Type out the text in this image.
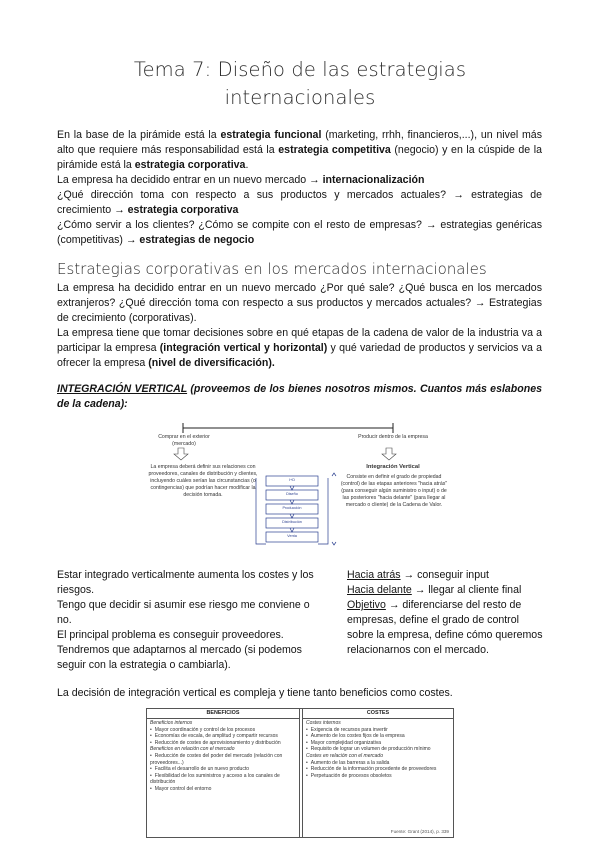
Tema 7: Diseño de las estrategias
internacionales

En la base de la pirámide está la estrategia funcional (marketing, rrhh, financieros,...), un nivel más alto que requiere más responsabilidad está la estrategia competitiva (negocio) y en la cúspide de la pirámide está la estrategia corporativa.

La empresa ha decidido entrar en un nuevo mercado → internacionalización

¿Qué dirección toma con respecto a sus productos y mercados actuales? → estrategias de crecimiento → estrategia corporativa

¿Cómo servir a los clientes? ¿Cómo se compite con el resto de empresas? → estrategias genéricas (competitivas) → estrategias de negocio

Estrategias corporativas en los mercados internacionales

La empresa ha decidido entrar en un nuevo mercado ¿Por qué sale? ¿Qué busca en los mercados extranjeros? ¿Qué dirección toma con respecto a sus productos y mercados actuales? → Estrategias de crecimiento (corporativas).

La empresa tiene que tomar decisiones sobre en qué etapas de la cadena de valor de la industria va a participar la empresa (integración vertical y horizontal) y qué variedad de productos y servicios va a ofrecer la empresa (nivel de diversificación).

INTEGRACIÓN VERTICAL (proveemos de los bienes nosotros mismos. Cuantos más eslabones de la cadena):
Comprar en el exterior (mercado)
Producir dentro de la empresa
La empresa deberá definir sus relaciones con proveedores, canales de distribución y clientes, incluyendo cuáles serían las circunstancias (o contingencias) que podrían hacer modificar la decisión tomada.
Integración Vertical
Consiste en definir el grado de propiedad (control) de las etapas anteriores "hacia atrás" (para conseguir algún suministro o input) o de las posteriores "hacia delante" (para llegar al mercado o cliente) de la Cadena de Valor.
I+D
Diseño
Producción
Distribución
Venta

Estar integrado verticalmente aumenta los costes y los riesgos.

Tengo que decidir si asumir ese riesgo me conviene o no.

El principal problema es conseguir proveedores.

Tendremos que adaptarnos al mercado (si podemos seguir con la estrategia o cambiarla).

Hacia atrás → conseguir input

Hacia delante → llegar al cliente final

Objetivo → diferenciarse del resto de empresas, define el grado de control sobre la empresa, define cómo queremos relacionarnos con el mercado.

La decisión de integración vertical es compleja y tiene tanto beneficios como costes.
BENEFICIOS	COSTES
Beneficios internos
• Mayor coordinación y control de los procesos
• Economías de escala, de amplitud y compartir recursos
• Reducción de costes de aprovisionamiento y distribución
Beneficios en relación con el mercado
• Reducción de costes del poder del mercado (relación con proveedores...)
• Facilita el desarrollo de un nuevo producto
• Flexibilidad de los suministros y acceso a los canales de distribución
• Mayor control del entorno
Costes internos
• Exigencia de recursos para invertir
• Aumento de los costes fijos de la empresa
• Mayor complejidad organizativa
• Requisito de lograr un volumen de producción mínimo
Costes en relación con el mercado
• Aumento de las barreras a la salida
• Reducción de la información procedente de proveedores
• Perpetuación de procesos obsoletos
Fuente: Grant (2014), p. 339
